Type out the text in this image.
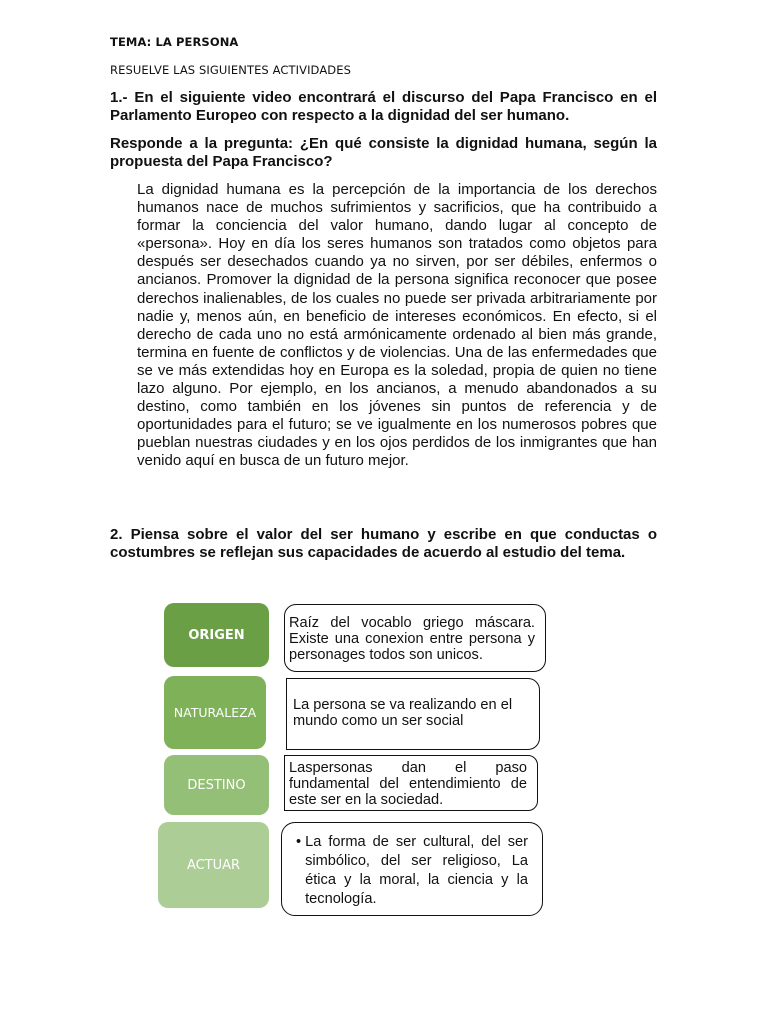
TEMA: LA PERSONA
RESUELVE LAS SIGUIENTES ACTIVIDADES
1.- En el siguiente video encontrará el discurso del Papa Francisco en el Parlamento Europeo con respecto a la dignidad del ser humano.
Responde a la pregunta: ¿En qué consiste la dignidad humana, según la propuesta del Papa Francisco?
La dignidad humana es la percepción de la importancia de los derechos humanos nace de muchos sufrimientos y sacrificios, que ha contribuido a formar la conciencia del valor humano, dando lugar al concepto de «persona». Hoy en día los seres humanos son tratados como objetos para después ser desechados cuando ya no sirven, por ser débiles, enfermos o ancianos. Promover la dignidad de la persona significa reconocer que posee derechos inalienables, de los cuales no puede ser privada arbitrariamente por nadie y, menos aún, en beneficio de intereses económicos. En efecto, si el derecho de cada uno no está armónicamente ordenado al bien más grande, termina en fuente de conflictos y de violencias. Una de las enfermedades que se ve más extendidas hoy en Europa es la soledad, propia de quien no tiene lazo alguno. Por ejemplo, en los ancianos, a menudo abandonados a su destino, como también en los jóvenes sin puntos de referencia y de oportunidades para el futuro; se ve igualmente en los numerosos pobres que pueblan nuestras ciudades y en los ojos perdidos de los inmigrantes que han venido aquí en busca de un futuro mejor.
2. Piensa sobre el valor del ser humano y escribe en que conductas o costumbres se reflejan sus capacidades de acuerdo al estudio del tema.
ORIGEN
Raíz del vocablo griego máscara. Existe una conexion entre persona y personages todos son unicos.
NATURALEZA	La persona se va realizando en el mundo como un ser social
DESTINO
Laspersonas dan el paso fundamental del entendimiento de este ser en la sociedad.
ACTUAR
• La forma de ser cultural, del ser simbólico, del ser religioso, La ética y la moral, la ciencia y la tecnología.
